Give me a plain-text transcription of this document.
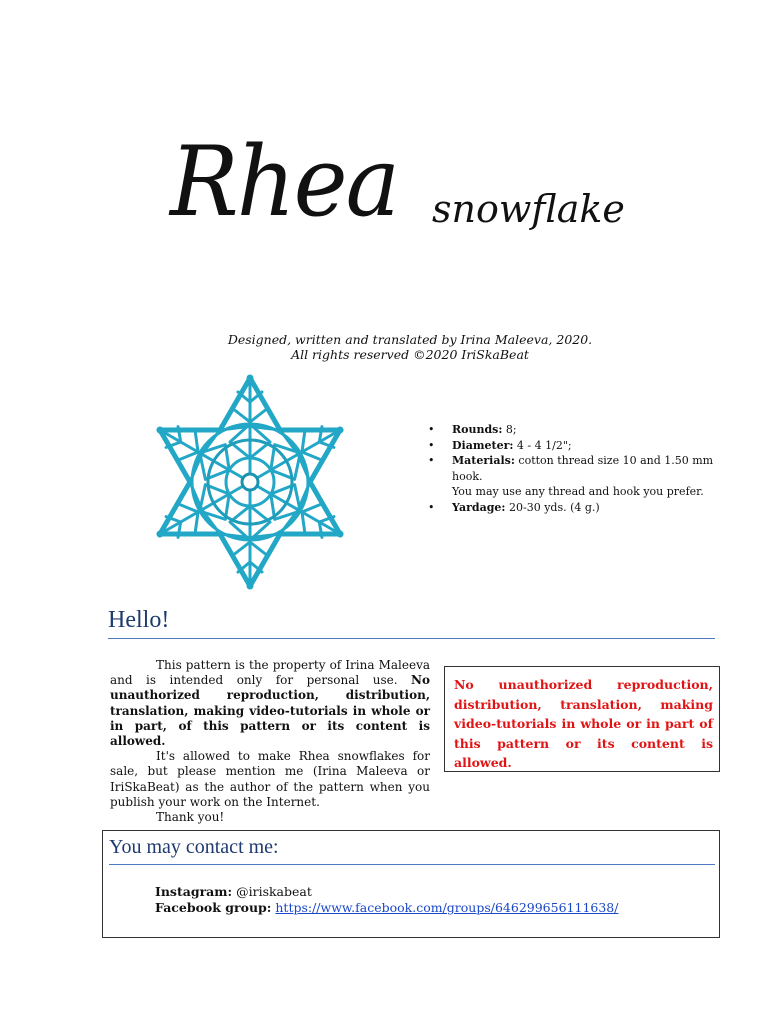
Rhea snowflake
Designed, written and translated by Irina Maleeva, 2020.
All rights reserved ©2020 IriSkaBeat
• Rounds: 8;
• Diameter: 4 - 4 1/2";
• Materials: cotton thread size 10 and 1.50 mm hook.
You may use any thread and hook you prefer.
• Yardage: 20-30 yds. (4 g.)
Hello!

This pattern is the property of Irina Maleeva and is intended only for personal use. No unauthorized reproduction, distribution, translation, making video-tutorials in whole or in part, of this pattern or its content is allowed.

It's allowed to make Rhea snowflakes for sale, but please mention me (Irina Maleeva or IriSkaBeat) as the author of the pattern when you publish your work on the Internet.

Thank you!

No unauthorized reproduction, distribution, translation, making video-tutorials in whole or in part of this pattern or its content is allowed.
You may contact me:
Instagram: @iriskabeat
Facebook group: https://www.facebook.com/groups/646299656111638/
